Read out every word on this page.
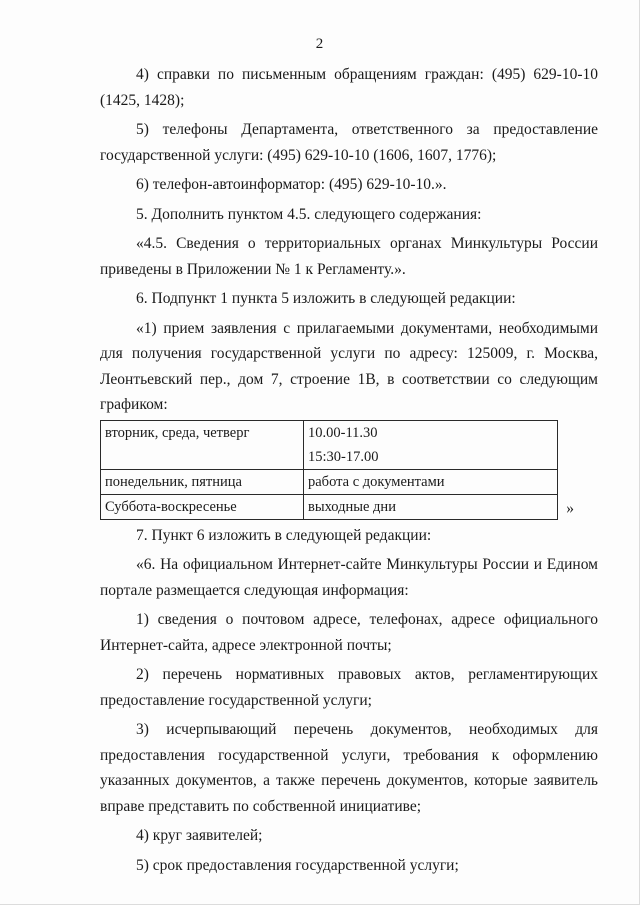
2

4) справки по письменным обращениям граждан: (495) 629-10-10 (1425, 1428);

5) телефоны Департамента, ответственного за предоставление государственной услуги: (495) 629-10-10 (1606, 1607, 1776);

6) телефон-автоинформатор: (495) 629-10-10.».

5. Дополнить пунктом 4.5. следующего содержания:

«4.5. Сведения о территориальных органах Минкультуры России приведены в Приложении № 1 к Регламенту.».

6. Подпункт 1 пункта 5 изложить в следующей редакции:

«1) прием заявления с прилагаемыми документами, необходимыми для получения государственной услуги по адресу: 125009, г. Москва, Леонтьевский пер., дом 7, строение 1В, в соответствии со следующим графиком:

вторник, среда, четверг	10.00-11.30
15:30-17.00

понедельник, пятница	работа с документами
Суббота-воскресенье	выходные дни	»

7. Пункт 6 изложить в следующей редакции:

«6. На официальном Интернет-сайте Минкультуры России и Едином портале размещается следующая информация:

1) сведения о почтовом адресе, телефонах, адресе официального Интернет-сайта, адресе электронной почты;

2) перечень нормативных правовых актов, регламентирующих предоставление государственной услуги;

3) исчерпывающий перечень документов, необходимых для предоставления государственной услуги, требования к оформлению указанных документов, а также перечень документов, которые заявитель вправе представить по собственной инициативе;

4) круг заявителей;

5) срок предоставления государственной услуги;
